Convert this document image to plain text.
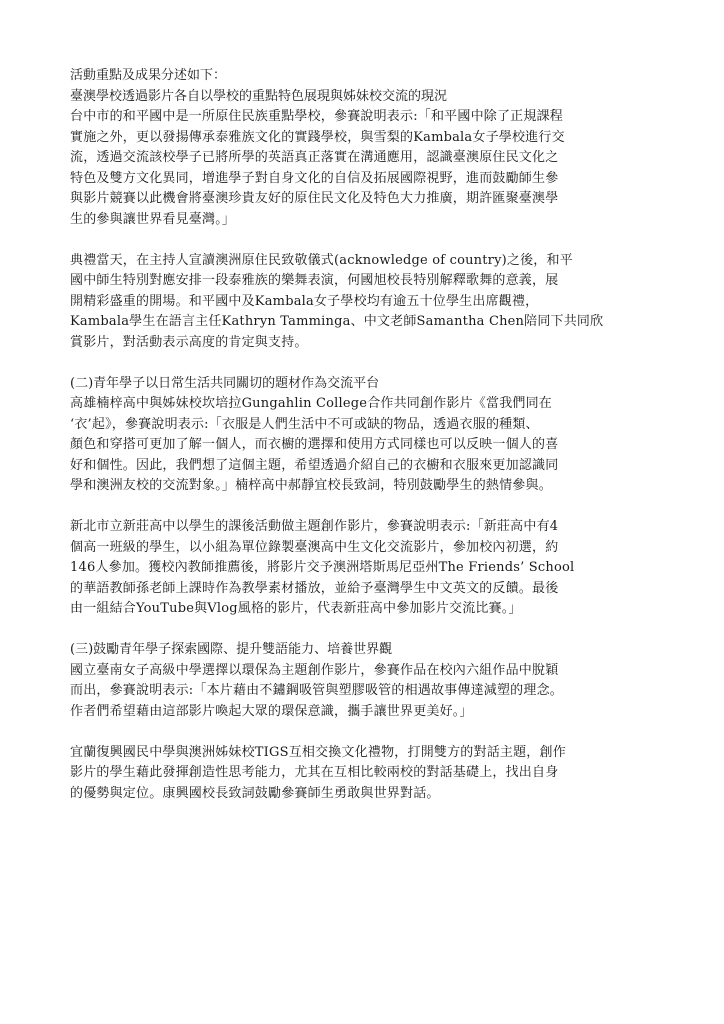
活動重點及成果分述如下：
臺澳學校透過影片各自以學校的重點特色展現與姊妹校交流的現況
台中市的和平國中是一所原住民族重點學校，參賽說明表示:「和平國中除了正規課程
實施之外，更以發揚傳承泰雅族文化的實踐學校，與雪梨的Kambala女子學校進行交
流，透過交流該校學子已將所學的英語真正落實在溝通應用，認識臺澳原住民文化之
特色及雙方文化異同，增進學子對自身文化的自信及拓展國際視野，進而鼓勵師生參
與影片競賽以此機會將臺澳珍貴友好的原住民文化及特色大力推廣，期許匯聚臺澳學
生的參與讓世界看見臺灣。」
典禮當天，在主持人宣讀澳洲原住民致敬儀式(acknowledge of country)之後，和平
國中師生特別對應安排一段泰雅族的樂舞表演，何國旭校長特別解釋歌舞的意義，展
開精彩盛重的開場。和平國中及Kambala女子學校均有逾五十位學生出席觀禮，
Kambala學生在語言主任Kathryn Tamminga、中文老師Samantha Chen陪同下共同欣
賞影片，對活動表示高度的肯定與支持。
(二)青年學子以日常生活共同關切的題材作為交流平台
高雄楠梓高中與姊妹校坎培拉Gungahlin College合作共同創作影片《當我們同在
‘衣’起》，參賽說明表示:「衣服是人們生活中不可或缺的物品，透過衣服的種類、
顏色和穿搭可更加了解一個人，而衣櫥的選擇和使用方式同樣也可以反映一個人的喜
好和個性。因此，我們想了這個主題，希望透過介紹自己的衣櫥和衣服來更加認識同
學和澳洲友校的交流對象。」楠梓高中郝靜宜校長致詞，特別鼓勵學生的熱情參與。
新北市立新莊高中以學生的課後活動做主題創作影片，參賽說明表示:「新莊高中有4
個高一班級的學生，以小組為單位錄製臺澳高中生文化交流影片，參加校內初選，約
146人參加。獲校內教師推薦後，將影片交予澳洲塔斯馬尼亞州The Friends’ School
的華語教師孫老師上課時作為教學素材播放，並給予臺灣學生中文英文的反饋。最後
由一組結合YouTube與Vlog風格的影片，代表新莊高中參加影片交流比賽。」
(三)鼓勵青年學子探索國際、提升雙語能力、培養世界觀
國立臺南女子高級中學選擇以環保為主題創作影片，參賽作品在校內六組作品中脫穎
而出，參賽說明表示:「本片藉由不鏽鋼吸管與塑膠吸管的相遇故事傳達減塑的理念。
作者們希望藉由這部影片喚起大眾的環保意識，攜手讓世界更美好。」
宜蘭復興國民中學與澳洲姊妹校TIGS互相交換文化禮物，打開雙方的對話主題，創作
影片的學生藉此發揮創造性思考能力，尤其在互相比較兩校的對話基礎上，找出自身
的優勢與定位。康興國校長致詞鼓勵參賽師生勇敢與世界對話。
